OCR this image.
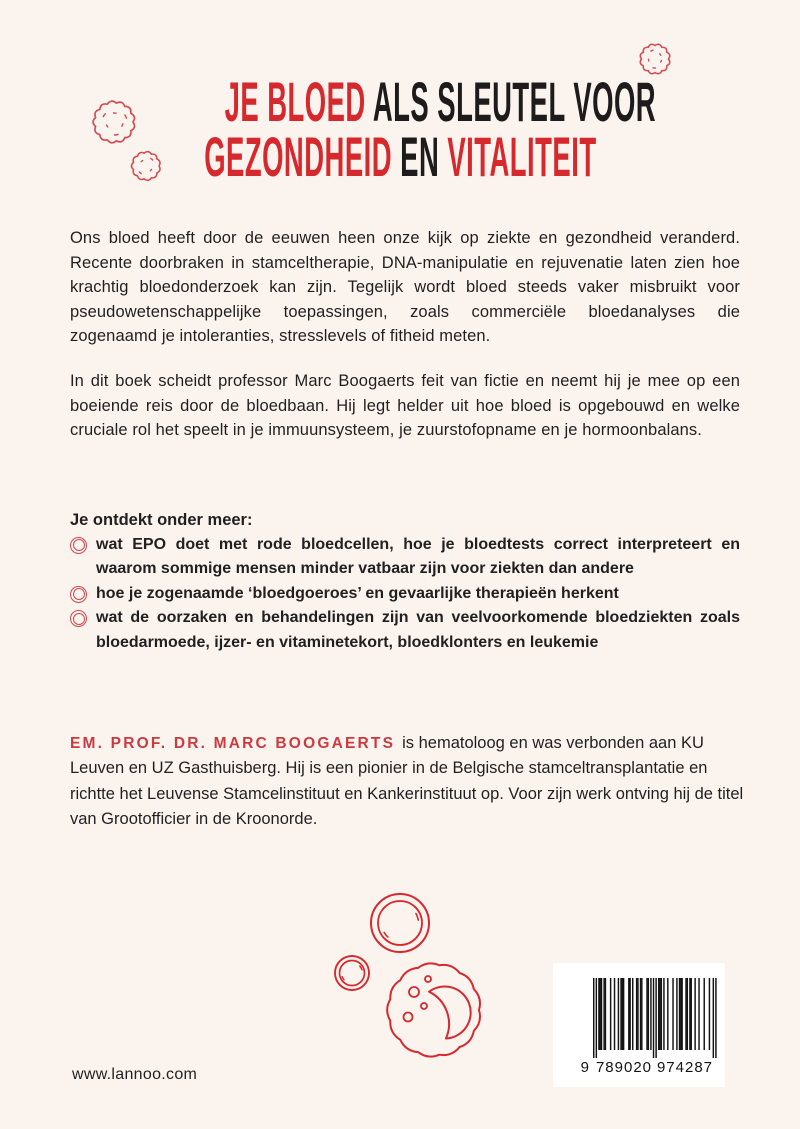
JE BLOED ALS SLEUTEL VOOR
GEZONDHEID EN VITALITEIT

Ons bloed heeft door de eeuwen heen onze kijk op ziekte en gezondheid veranderd. Recente doorbraken in stamceltherapie, DNA-manipulatie en rejuvenatie laten zien hoe krachtig bloedonderzoek kan zijn. Tegelijk wordt bloed steeds vaker misbruikt voor pseudowetenschappelijke toepassingen, zoals commerciële bloedanalyses die zogenaamd je intoleranties, stresslevels of fitheid meten.

In dit boek scheidt professor Marc Boogaerts feit van fictie en neemt hij je mee op een boeiende reis door de bloedbaan. Hij legt helder uit hoe bloed is opgebouwd en welke cruciale rol het speelt in je immuunsysteem, je zuurstofopname en je hormoonbalans.

Je ontdekt onder meer:
wat EPO doet met rode bloedcellen, hoe je bloedtests correct interpreteert en waarom sommige mensen minder vatbaar zijn voor ziekten dan andere
hoe je zogenaamde ‘bloedgoeroes’ en gevaarlijke therapieën herkent
wat de oorzaken en behandelingen zijn van veelvoorkomende bloedziekten zoals bloedarmoede, ijzer- en vitaminetekort, bloedklonters en leukemie

EM. PROF. DR. MARC BOOGAERTS is hematoloog en was verbonden aan KU Leuven en UZ Gasthuisberg. Hij is een pionier in de Belgische stamceltransplantatie en richtte het Leuvense Stamcelinstituut en Kankerinstituut op. Voor zijn werk ontving hij de titel van Grootofficier in de Kroonorde.

9 789020 974287
www.lannoo.com
